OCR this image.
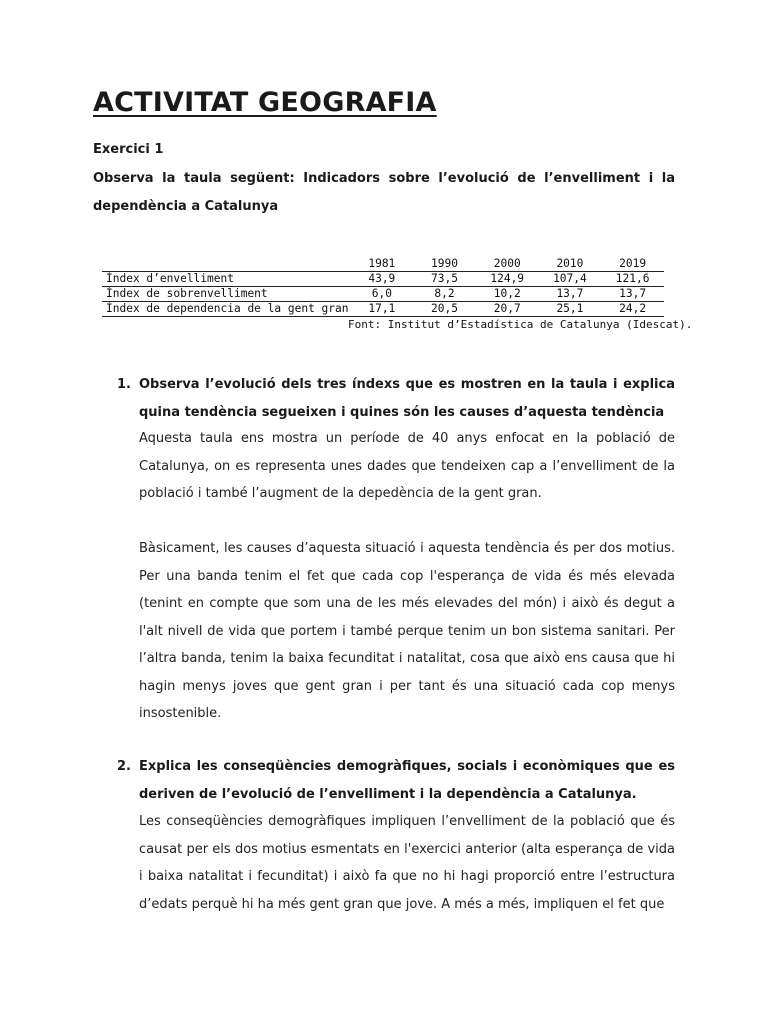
ACTIVITAT GEOGRAFIA
Exercici 1

Observa la taula següent: Indicadors sobre l’evolució de l’envelliment i la dependència a Catalunya

	1981	1990	2000	2010	2019
Índex d’envelliment	43,9	73,5	124,9	107,4	121,6
Índex de sobrenvelliment	6,0	8,2	10,2	13,7	13,7
Índex de dependencia de la gent gran	17,1	20,5	20,7	25,1	24,2
Font: Institut d’Estadística de Catalunya (Idescat).
1. Observa l’evolució dels tres índexs que es mostren en la taula i explica quina tendència segueixen i quines són les causes d’aquesta tendència

Aquesta taula ens mostra un període de 40 anys enfocat en la població de Catalunya, on es representa unes dades que tendeixen cap a l’envelliment de la població i també l’augment de la depedència de la gent gran.

Bàsicament, les causes d’aquesta situació i aquesta tendència és per dos motius. Per una banda tenim el fet que cada cop l'esperança de vida és més elevada (tenint en compte que som una de les més elevades del món) i això és degut a l'alt nivell de vida que portem i també perque tenim un bon sistema sanitari. Per l’altra banda, tenim la baixa fecunditat i natalitat, cosa que això ens causa que hi hagin menys joves que gent gran i per tant és una situació cada cop menys insostenible.

2. Explica les conseqüències demogràfiques, socials i econòmiques que es deriven de l’evolució de l’envelliment i la dependència a Catalunya.

Les conseqüències demogràfiques impliquen l’envelliment de la població que és causat per els dos motius esmentats en l'exercici anterior (alta esperança de vida i baixa natalitat i fecunditat) i això fa que no hi hagi proporció entre l’estructura d’edats perquè hi ha més gent gran que jove. A més a més, impliquen el fet que
